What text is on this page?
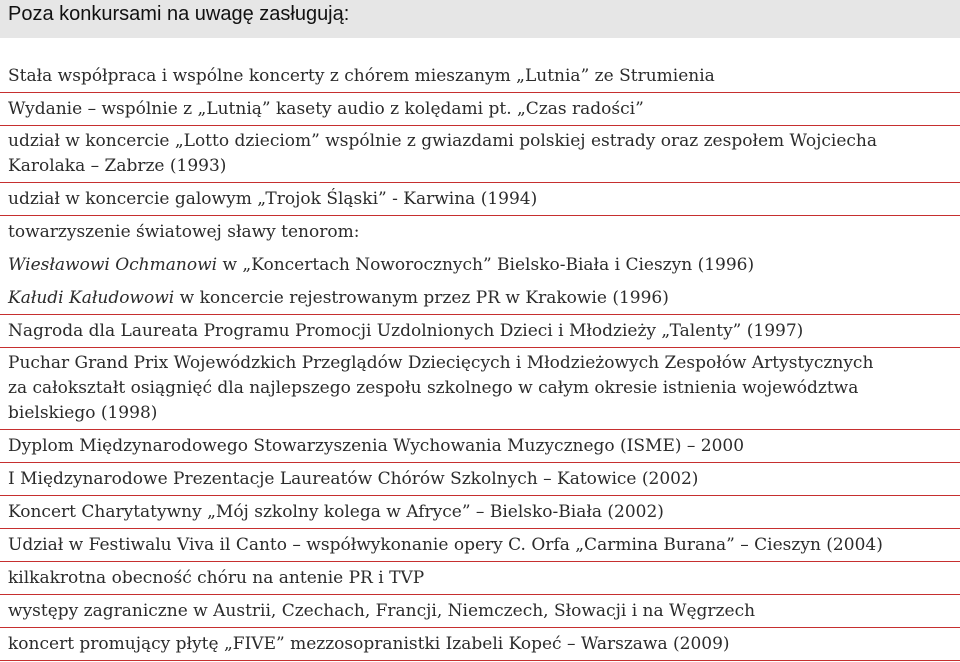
Poza konkursami na uwagę zasługują:
Stała współpraca i wspólne koncerty z chórem mieszanym „Lutnia” ze Strumienia
Wydanie – wspólnie z „Lutnią” kasety audio z kolędami pt. „Czas radości”
udział w koncercie „Lotto dzieciom” wspólnie z gwiazdami polskiej estrady oraz zespołem Wojciecha
Karolaka – Zabrze (1993)
udział w koncercie galowym „Trojok Śląski” - Karwina (1994)
towarzyszenie światowej sławy tenorom:
Wiesławowi Ochmanowi w „Koncertach Noworocznych” Bielsko-Biała i Cieszyn (1996)
Kałudi Kałudowowi w koncercie rejestrowanym przez PR w Krakowie (1996)
Nagroda dla Laureata Programu Promocji Uzdolnionych Dzieci i Młodzieży „Talenty” (1997)
Puchar Grand Prix Wojewódzkich Przeglądów Dziecięcych i Młodzieżowych Zespołów Artystycznych
za całokształt osiągnięć dla najlepszego zespołu szkolnego w całym okresie istnienia województwa
bielskiego (1998)
Dyplom Międzynarodowego Stowarzyszenia Wychowania Muzycznego (ISME) – 2000
I Międzynarodowe Prezentacje Laureatów Chórów Szkolnych – Katowice (2002)
Koncert Charytatywny „Mój szkolny kolega w Afryce” – Bielsko-Biała (2002)
Udział w Festiwalu Viva il Canto – współwykonanie opery C. Orfa „Carmina Burana” – Cieszyn (2004)
kilkakrotna obecność chóru na antenie PR i TVP
występy zagraniczne w Austrii, Czechach, Francji, Niemczech, Słowacji i na Węgrzech
koncert promujący płytę „FIVE” mezzosopranistki Izabeli Kopeć – Warszawa (2009)
